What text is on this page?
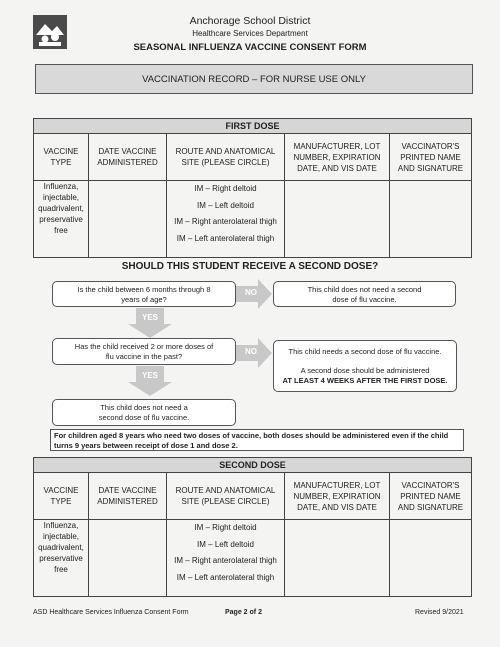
Anchorage School District
Healthcare Services Department
SEASONAL INFLUENZA VACCINE CONSENT FORM
VACCINATION RECORD – FOR NURSE USE ONLY
FIRST DOSE				
VACCINE TYPE	DATE VACCINE ADMINISTERED	ROUTE AND ANATOMICAL SITE (PLEASE CIRCLE)	MANUFACTURER, LOT NUMBER, EXPIRATION DATE, AND VIS DATE	VACCINATOR'S PRINTED NAME AND SIGNATURE
Influenza, injectable, quadrivalent, preservative free		IM – Right deltoid
IM – Left deltoid
IM – Right anterolateral thigh
IM – Left anterolateral thigh		

SHOULD THIS STUDENT RECEIVE A SECOND DOSE?
Is the child between 6 months through 8 years of age?
NO	This child does not need a second dose of flu vaccine.
YES
Has the child received 2 or more doses of flu vaccine in the past?
NO	This child needs a second dose of flu vaccine.
A second dose should be administered
AT LEAST 4 WEEKS AFTER THE FIRST DOSE.
YES
This child does not need a second dose of flu vaccine.
For children aged 8 years who need two doses of vaccine, both doses should be administered even if the child turns 9 years between receipt of dose 1 and dose 2.
SECOND DOSE				
VACCINE TYPE	DATE VACCINE ADMINISTERED	ROUTE AND ANATOMICAL SITE (PLEASE CIRCLE)	MANUFACTURER, LOT NUMBER, EXPIRATION DATE, AND VIS DATE	VACCINATOR'S PRINTED NAME AND SIGNATURE
Influenza, injectable, quadrivalent, preservative free		IM – Right deltoid
IM – Left deltoid
IM – Right anterolateral thigh
IM – Left anterolateral thigh		

ASD Healthcare Services Influenza Consent Form	Page 2 of 2	Revised 9/2021
